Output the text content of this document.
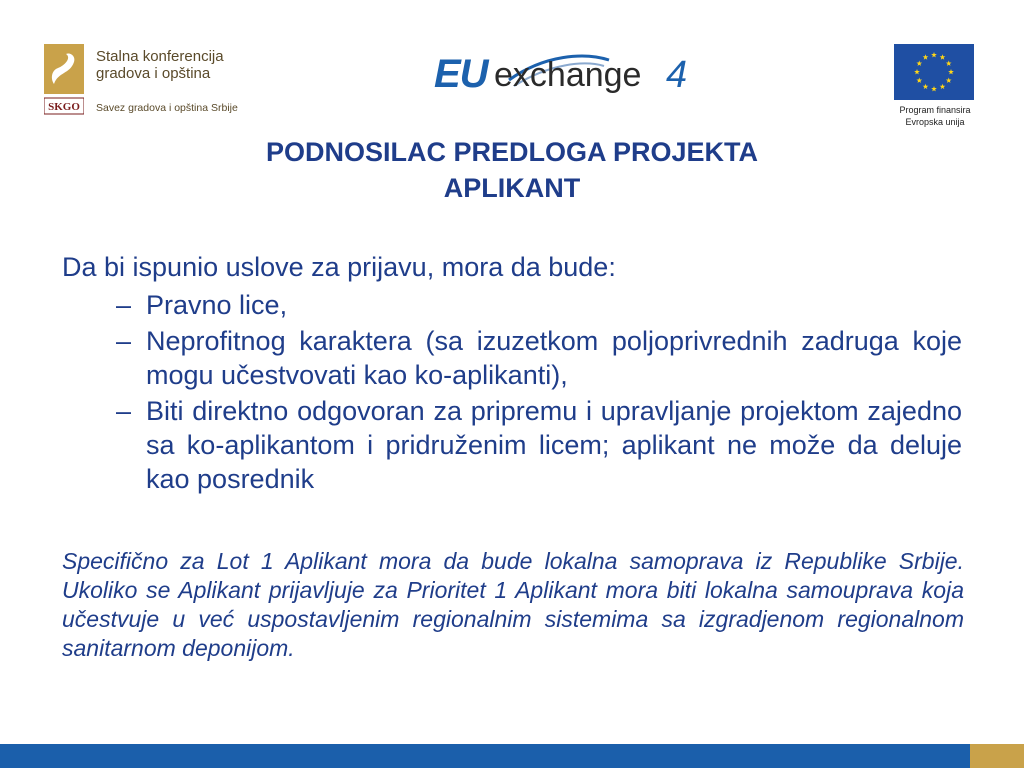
SKGO
Stalna konferencija
gradova i opština
Savez gradova i opština Srbije
EU exchange 4
Program finansira
Evropska unija
PODNOSILAC PREDLOGA PROJEKTA
APLIKANT

Da bi ispunio uslove za prijavu, mora da bude:

– Pravno lice,
– Neprofitnog karaktera (sa izuzetkom poljoprivrednih zadruga koje mogu učestvovati kao ko-aplikanti),
– Biti direktno odgovoran za pripremu i upravljanje projektom zajedno sa ko-aplikantom i pridruženim licem; aplikant ne može da deluje kao posrednik
Specifično za Lot 1 Aplikant mora da bude lokalna samoprava iz Republike Srbije. Ukoliko se Aplikant prijavljuje za Prioritet 1 Aplikant mora biti lokalna samouprava koja učestvuje u već uspostavljenim regionalnim sistemima sa izgradjenom regionalnom sanitarnom deponijom.
